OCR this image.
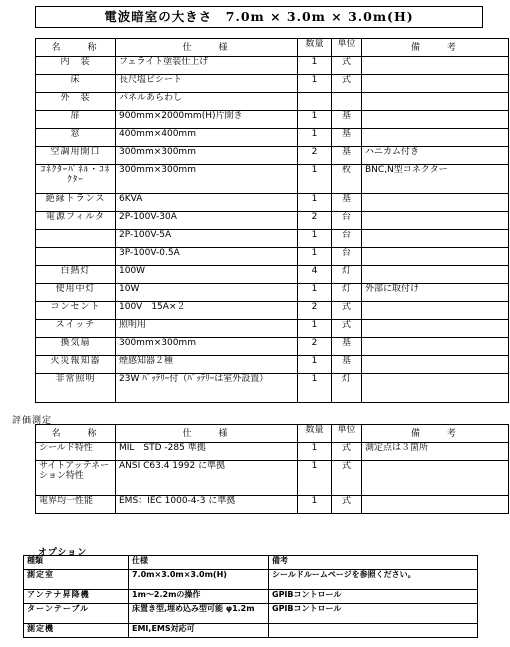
電波暗室の大きさ　7.0m × 3.0m × 3.0m(H)
名　　称	仕　　様	数量	単位	備　　考
内　装	フェライト塗装仕上げ	1	式	
床	長尺塩ビシート	1	式	
外　装	パネルあらわし			
扉	900mm×2000mm(H)片開き	1	基	
窓	400mm×400mm	1	基	
空調用開口	300mm×300mm	2	基	ハニカム付き
ｺﾈｸﾀｰﾊﾟﾈﾙ・ｺﾈｸﾀｰ	300mm×300mm	1	枚	BNC,N型コネクター
絶縁トランス	6KVA	1	基	
電源フィルタ	2P-100V-30A	2	台	
	2P-100V-5A	1	台	
	3P-100V-0.5A	1	台	
白熱灯	100W	4	灯	
使用中灯	10W	1	灯	外部に取付け
コンセント	100V　15A×２	2	式	
スイッチ	照明用	1	式	
換気扇	300mm×300mm	2	基	
火災報知器	煙感知器２種	1	基	
非常照明	23W ﾊﾞｯﾃﾘｰ付（ﾊﾞｯﾃﾘｰは室外設置）	1	灯	
評価測定
名　　称	仕　　様	数量	単位	備　　考
シールド特性	MIL　STD -285 準拠	1	式	測定点は３箇所
サイトアッテネーション特性	ANSI C63.4 1992 に準拠	1	式	
電界均一性能	EMS：IEC 1000-4-3 に準拠	1	式	
オプション
種類	仕様	備考
測定室	7.0m×3.0m×3.0m(H)	シールドルームページを参照ください。
アンテナ昇降機	1m〜2.2mの操作	GPIBコントロール
ターンテーブル	床置き型,埋め込み型可能 φ1.2m	GPIBコントロール
測定機	EMI,EMS対応可	
